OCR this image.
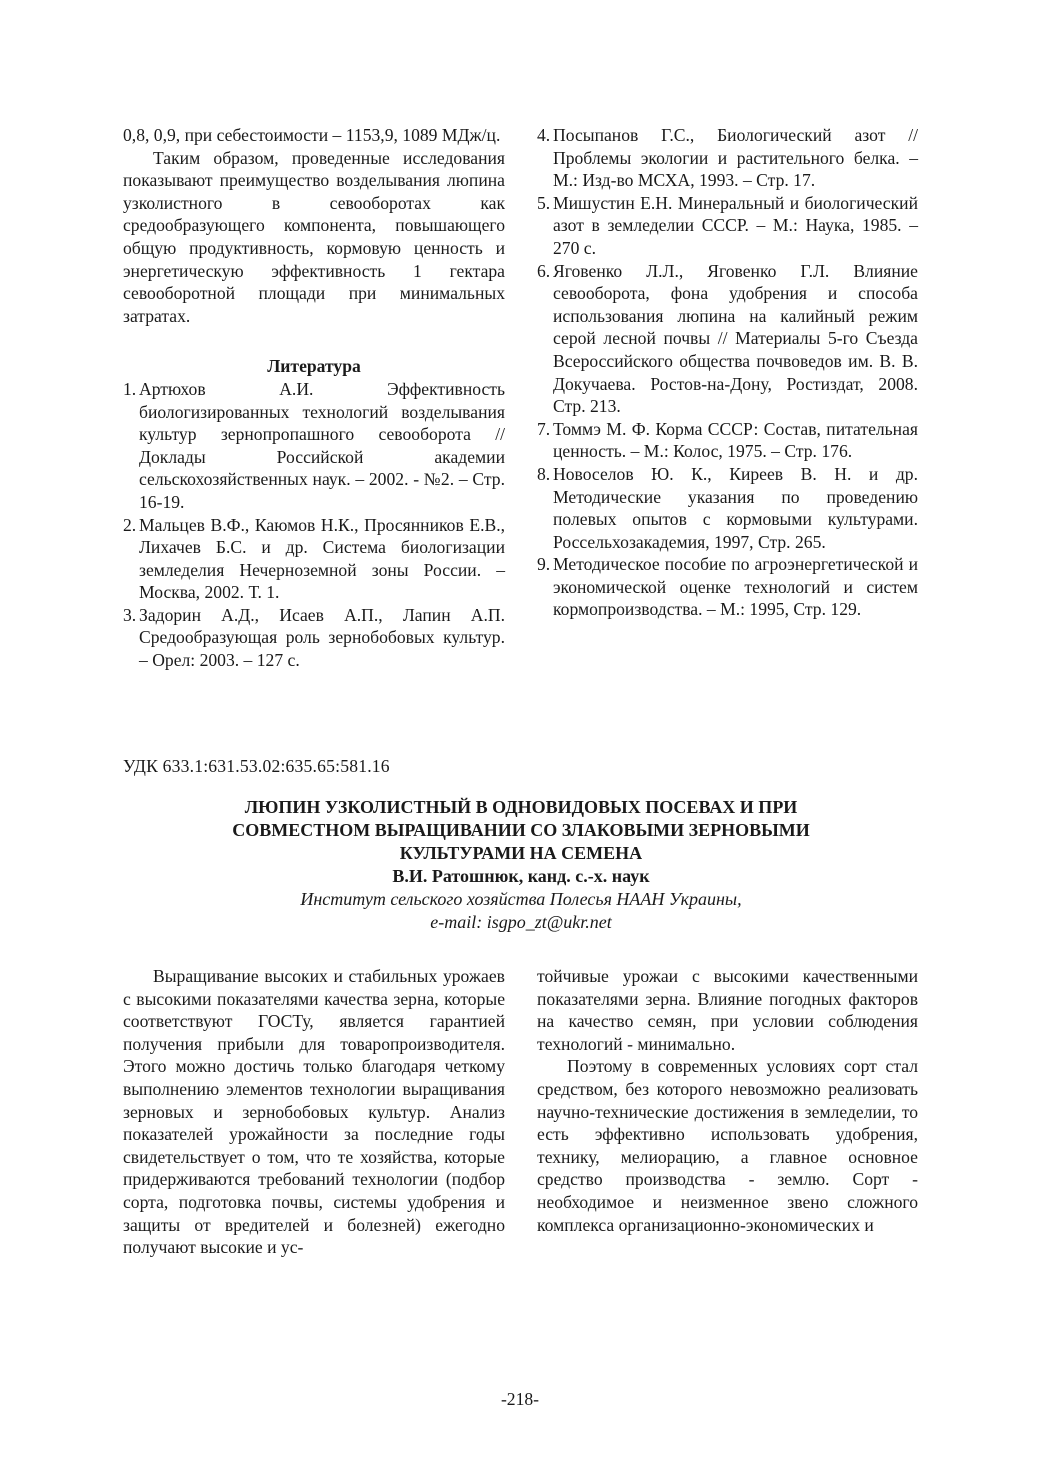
0,8, 0,9, при себестоимости – 1153,9, 1089 МДж/ц.

Таким образом, проведенные исследования показывают преимущество возделывания люпина узколистного в севооборотах как средообразующего компонента, повышающего общую продуктивность, кормовую ценность и энергетическую эффективность 1 гектара севооборотной площади при минимальных затратах.

Литература

1. Артюхов А.И. Эффективность биологизированных технологий возделывания культур зернопропашного севооборота // Доклады Российской академии сельскохозяйственных наук. – 2002. - №2. – Стр. 16-19.
2. Мальцев В.Ф., Каюмов Н.К., Просянников Е.В., Лихачев Б.С. и др. Система биологизации земледелия Нечерноземной зоны России. – Москва, 2002. Т. 1.
3. Задорин А.Д., Исаев А.П., Лапин А.П. Средообразующая роль зернобобовых культур. – Орел: 2003. – 127 с.
4. Посыпанов Г.С., Биологический азот //Проблемы экологии и растительного белка. – М.: Изд-во МСХА, 1993. – Стр. 17.
5. Мишустин Е.Н. Минеральный и биологический азот в земледелии СССР. – М.: Наука, 1985. – 270 с.
6. Яговенко Л.Л., Яговенко Г.Л. Влияние севооборота, фона удобрения и способа использования люпина на калийный режим серой лесной почвы // Материалы 5-го Съезда Всероссийского общества почвоведов им. В. В. Докучаева. Ростов-на-Дону, Ростиздат, 2008. Стр. 213.
7. Томмэ М. Ф. Корма СССР: Состав, питательная ценность. – М.: Колос, 1975. – Стр. 176.
8. Новоселов Ю. К., Киреев В. Н. и др. Методические указания по проведению полевых опытов с кормовыми культурами. Россельхозакадемия, 1997, Стр. 265.
9. Методическое пособие по агроэнергетической и экономической оценке технологий и систем кормопроизводства. – М.: 1995, Стр. 129.
УДК 633.1:631.53.02:635.65:581.16

ЛЮПИН УЗКОЛИСТНЫЙ В ОДНОВИДОВЫХ ПОСЕВАХ И ПРИ
СОВМЕСТНОМ ВЫРАЩИВАНИИ СО ЗЛАКОВЫМИ ЗЕРНОВЫМИ
КУЛЬТУРАМИ НА СЕМЕНА

В.И. Ратошнюк, канд. с.-х. наук

Институт сельского хозяйства Полесья НААН Украины,

e-mail: isgpo_zt@ukr.net

Выращивание высоких и стабильных урожаев с высокими показателями качества зерна, которые соответствуют ГОСТу, является гарантией получения прибыли для товаропроизводителя. Этого можно достичь только благодаря четкому выполнению элементов технологии выращивания зерновых и зернобобовых культур. Анализ показателей урожайности за последние годы свидетельствует о том, что те хозяйства, которые придерживаются требований технологии (подбор сорта, подготовка почвы, системы удобрения и защиты от вредителей и болезней) ежегодно получают высокие и ус-

тойчивые урожаи с высокими качественными показателями зерна. Влияние погодных факторов на качество семян, при условии соблюдения технологий - минимально.

Поэтому в современных условиях сорт стал средством, без которого невозможно реализовать научно-технические достижения в земледелии, то есть эффективно использовать удобрения, технику, мелиорацию, а главное основное средство производства - землю. Сорт - необходимое и неизменное звено сложного комплекса организационно-экономических и

-218-
